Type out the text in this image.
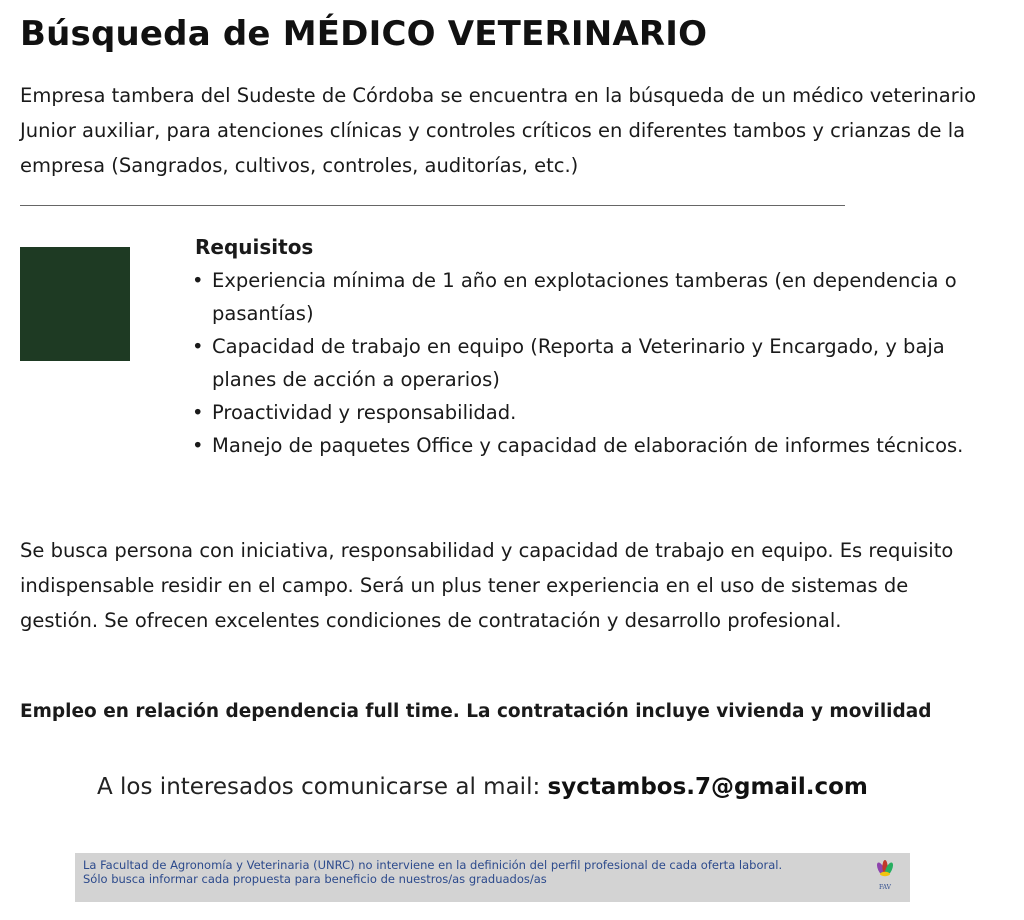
Búsqueda de MÉDICO VETERINARIO

Empresa tambera del Sudeste de Córdoba se encuentra en la búsqueda de un médico veterinario Junior auxiliar, para atenciones clínicas y controles críticos en diferentes tambos y crianzas de la empresa (Sangrados, cultivos, controles, auditorías, etc.)

Requisitos
• Experiencia mínima de 1 año en explotaciones tamberas (en dependencia o pasantías)
• Capacidad de trabajo en equipo (Reporta a Veterinario y Encargado, y baja planes de acción a operarios)
• Proactividad y responsabilidad.
• Manejo de paquetes Office y capacidad de elaboración de informes técnicos.

Se busca persona con iniciativa, responsabilidad y capacidad de trabajo en equipo. Es requisito indispensable residir en el campo. Será un plus tener experiencia en el uso de sistemas de gestión. Se ofrecen excelentes condiciones de contratación y desarrollo profesional.

Empleo en relación dependencia full time. La contratación incluye vivienda y movilidad

A los interesados comunicarse al mail: syctambos.7@gmail.com

La Facultad de Agronomía y Veterinaria (UNRC) no interviene en la definición del perfil profesional de cada oferta laboral.

Sólo busca informar cada propuesta para beneficio de nuestros/as graduados/as

FAV
